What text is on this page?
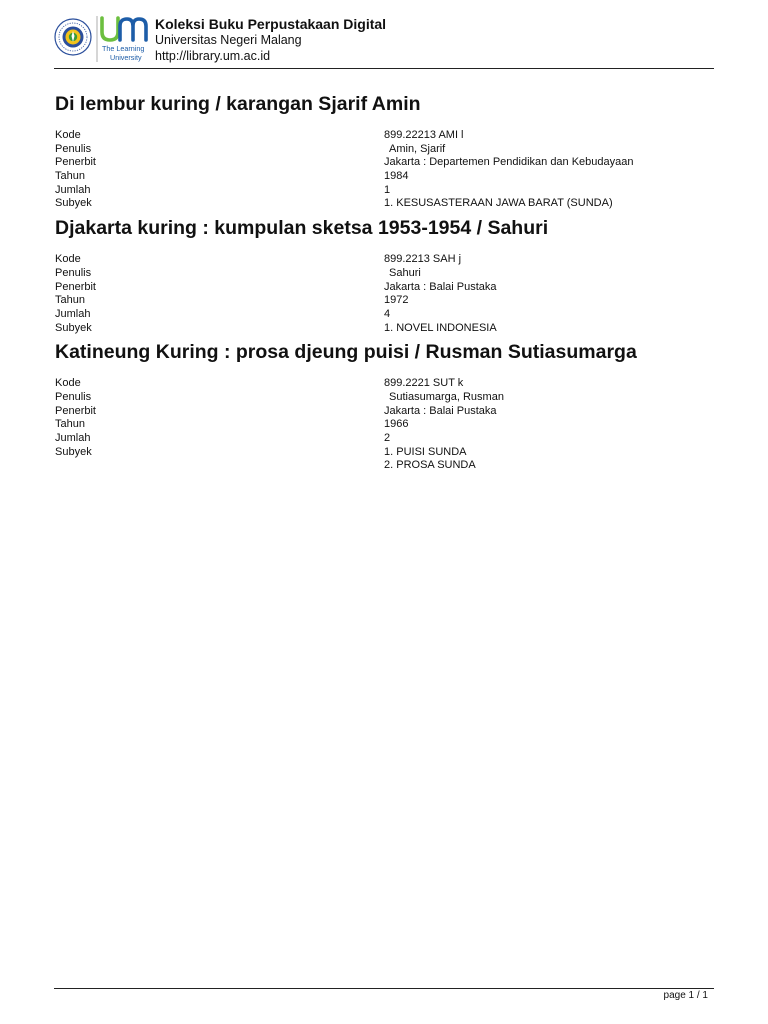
The Learning
University
Koleksi Buku Perpustakaan Digital
Universitas Negeri Malang
http://library.um.ac.id
Di lembur kuring / karangan Sjarif Amin
Kode	899.22213 AMI l
Penulis	Amin, Sjarif
Penerbit	Jakarta : Departemen Pendidikan dan Kebudayaan
Tahun	1984
Jumlah	1
Subyek	1. KESUSASTERAAN JAWA BARAT (SUNDA)
Djakarta kuring : kumpulan sketsa 1953-1954 / Sahuri
Kode	899.2213 SAH j
Penulis	Sahuri
Penerbit	Jakarta : Balai Pustaka
Tahun	1972
Jumlah	4
Subyek	1. NOVEL INDONESIA
Katineung Kuring : prosa djeung puisi / Rusman Sutiasumarga
Kode	899.2221 SUT k
Penulis	Sutiasumarga, Rusman
Penerbit	Jakarta : Balai Pustaka
Tahun	1966
Jumlah	2
Subyek	1. PUISI SUNDA
2. PROSA SUNDA
page 1 / 1
